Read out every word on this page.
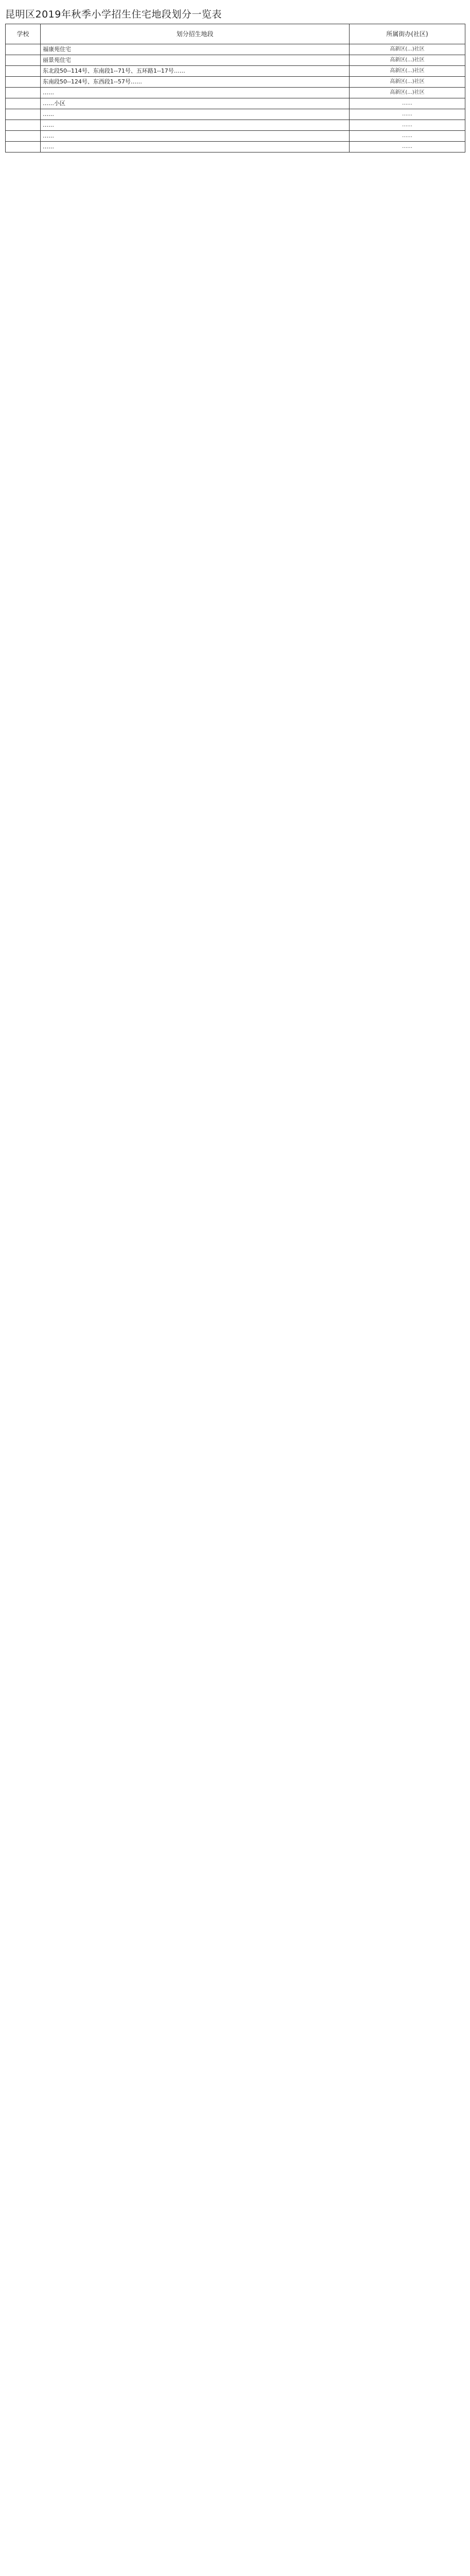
昆明区2019年秋季小学招生住宅地段划分一览表
学校	划分招生地段	所属街办(社区)
	福康苑住宅	高新区(...)社区
	丽景苑住宅	高新区(...)社区
	东北段50--114号、东南段1--71号、五环路1--17号……	高新区(...)社区
	东南段50--124号、东西段1--57号……	高新区(...)社区
	……	高新区(...)社区
	……小区	……
	……	……
	……	……
	……	……
	……	……
